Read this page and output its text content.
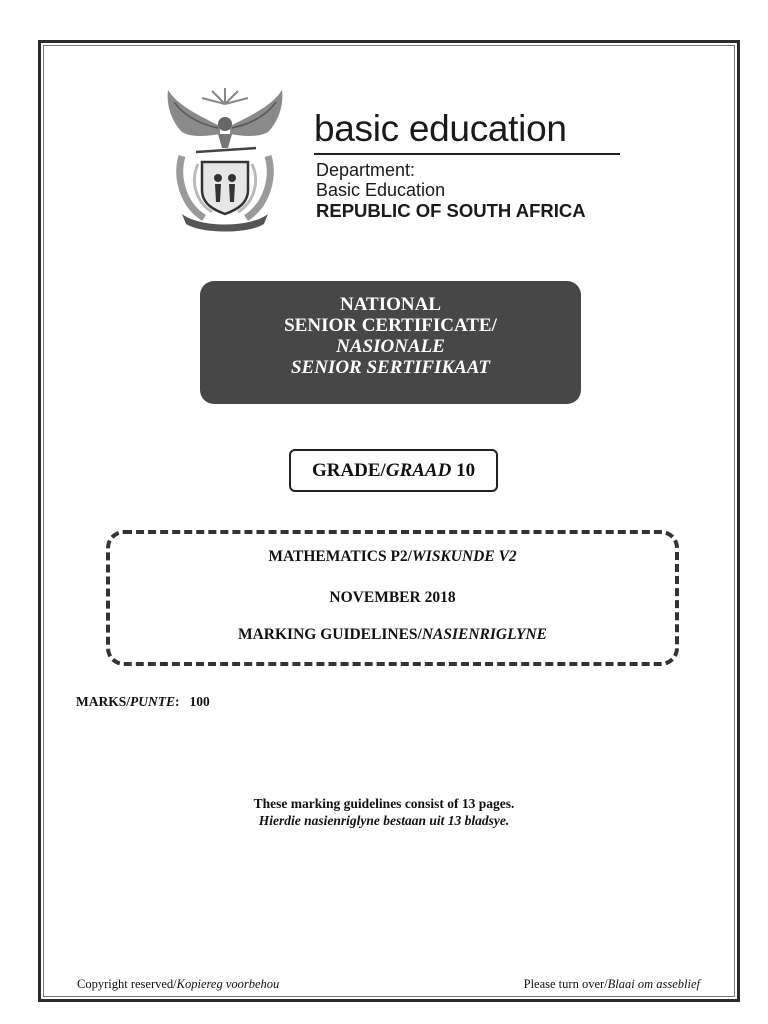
basic education
Department:
Basic Education
REPUBLIC OF SOUTH AFRICA
NATIONAL
SENIOR CERTIFICATE/
NASIONALE
SENIOR SERTIFIKAAT
GRADE/GRAAD 10
MATHEMATICS P2/WISKUNDE V2
NOVEMBER 2018
MARKING GUIDELINES/NASIENRIGLYNE
MARKS/PUNTE: 100
These marking guidelines consist of 13 pages.
Hierdie nasienriglyne bestaan uit 13 bladsye.
Copyright reserved/Kopiereg voorbehou	Please turn over/Blaai om asseblief
